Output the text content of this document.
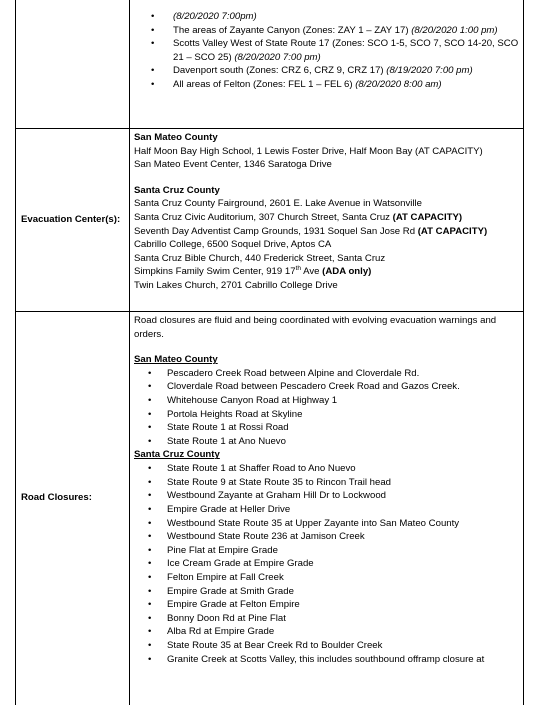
• (8/20/2020 7:00pm)
• The areas of Zayante Canyon (Zones: ZAY 1 – ZAY 17) (8/20/2020 1:00 pm)
• Scotts Valley West of State Route 17 (Zones: SCO 1-5, SCO 7, SCO 14-20, SCO 21 – SCO 25) (8/20/2020 7:00 pm)
• Davenport south (Zones: CRZ 6, CRZ 9, CRZ 17) (8/19/2020 7:00 pm)
• All areas of Felton (Zones: FEL 1 – FEL 6) (8/20/2020 8:00 am)
Evacuation Center(s):
San Mateo County
Half Moon Bay High School, 1 Lewis Foster Drive, Half Moon Bay (AT CAPACITY)
San Mateo Event Center, 1346 Saratoga Drive
Santa Cruz County
Santa Cruz County Fairground, 2601 E. Lake Avenue in Watsonville
Santa Cruz Civic Auditorium, 307 Church Street, Santa Cruz (AT CAPACITY)
Seventh Day Adventist Camp Grounds, 1931 Soquel San Jose Rd (AT CAPACITY)
Cabrillo College, 6500 Soquel Drive, Aptos CA
Santa Cruz Bible Church, 440 Frederick Street, Santa Cruz
Simpkins Family Swim Center, 919 17th Ave (ADA only)
Twin Lakes Church, 2701 Cabrillo College Drive
Road Closures:
Road closures are fluid and being coordinated with evolving evacuation warnings and orders.
San Mateo County
• Pescadero Creek Road between Alpine and Cloverdale Rd.
• Cloverdale Road between Pescadero Creek Road and Gazos Creek.
• Whitehouse Canyon Road at Highway 1
• Portola Heights Road at Skyline
• State Route 1 at Rossi Road
• State Route 1 at Ano Nuevo
Santa Cruz County
• State Route 1 at Shaffer Road to Ano Nuevo
• State Route 9 at State Route 35 to Rincon Trail head
• Westbound Zayante at Graham Hill Dr to Lockwood
• Empire Grade at Heller Drive
• Westbound State Route 35 at Upper Zayante into San Mateo County
• Westbound State Route 236 at Jamison Creek
• Pine Flat at Empire Grade
• Ice Cream Grade at Empire Grade
• Felton Empire at Fall Creek
• Empire Grade at Smith Grade
• Empire Grade at Felton Empire
• Bonny Doon Rd at Pine Flat
• Alba Rd at Empire Grade
• State Route 35 at Bear Creek Rd to Boulder Creek
• Granite Creek at Scotts Valley, this includes southbound offramp closure at
